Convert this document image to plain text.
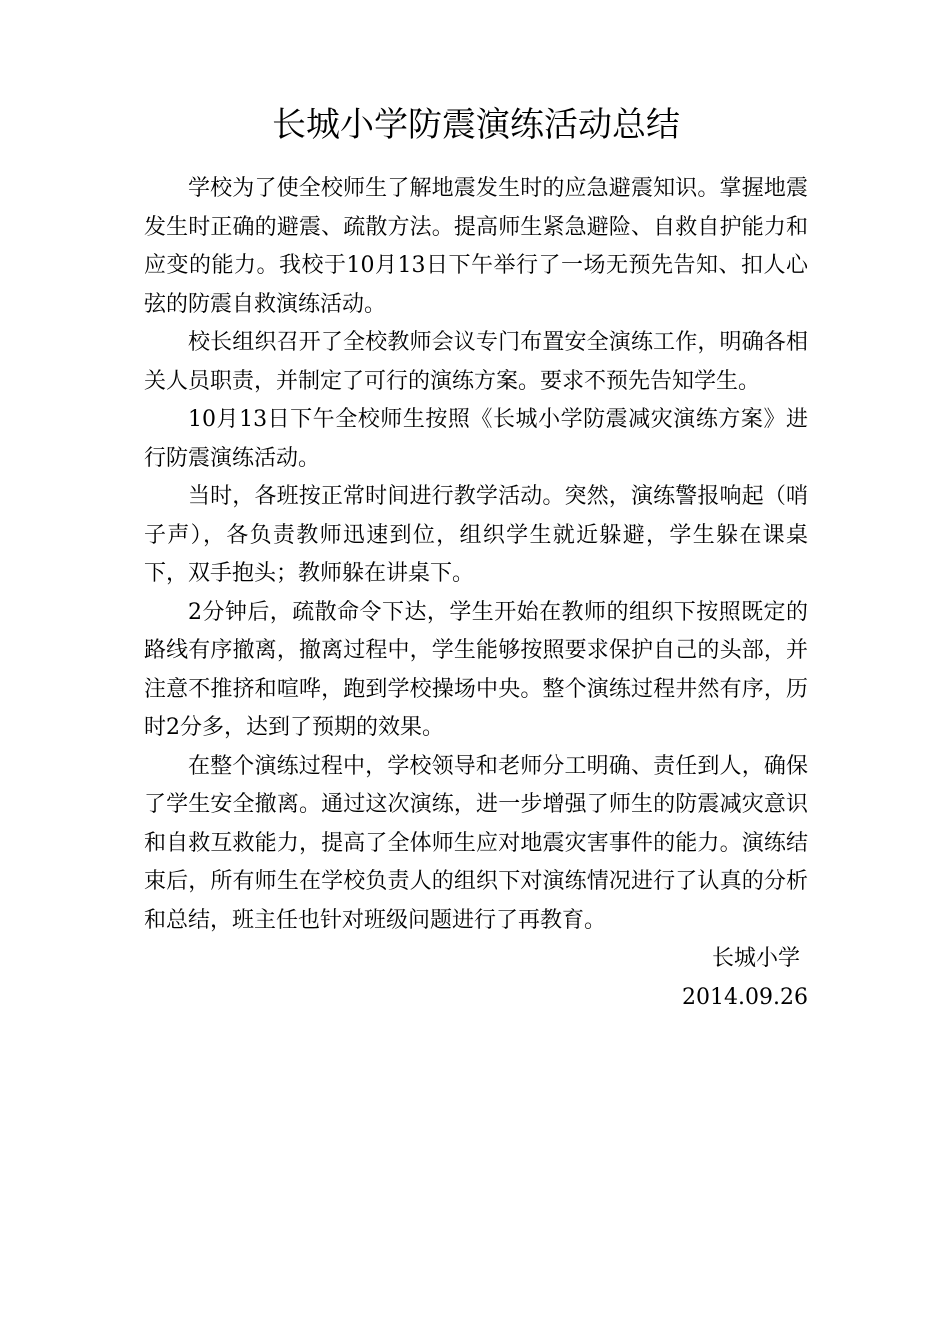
长城小学防震演练活动总结

学校为了使全校师生了解地震发生时的应急避震知识。掌握地震发生时正确的避震、疏散方法。提高师生紧急避险、自救自护能力和应变的能力。我校于10月13日下午举行了一场无预先告知、扣人心弦的防震自救演练活动。

校长组织召开了全校教师会议专门布置安全演练工作，明确各相关人员职责，并制定了可行的演练方案。要求不预先告知学生。

10月13日下午全校师生按照《长城小学防震减灾演练方案》进行防震演练活动。

当时，各班按正常时间进行教学活动。突然，演练警报响起（哨子声），各负责教师迅速到位，组织学生就近躲避，学生躲在课桌下，双手抱头；教师躲在讲桌下。

2分钟后，疏散命令下达，学生开始在教师的组织下按照既定的路线有序撤离，撤离过程中，学生能够按照要求保护自己的头部，并注意不推挤和喧哗，跑到学校操场中央。整个演练过程井然有序，历时2分多，达到了预期的效果。

在整个演练过程中，学校领导和老师分工明确、责任到人，确保了学生安全撤离。通过这次演练，进一步增强了师生的防震减灾意识和自救互救能力，提高了全体师生应对地震灾害事件的能力。演练结束后，所有师生在学校负责人的组织下对演练情况进行了认真的分析和总结，班主任也针对班级问题进行了再教育。

长城小学

2014.09.26
